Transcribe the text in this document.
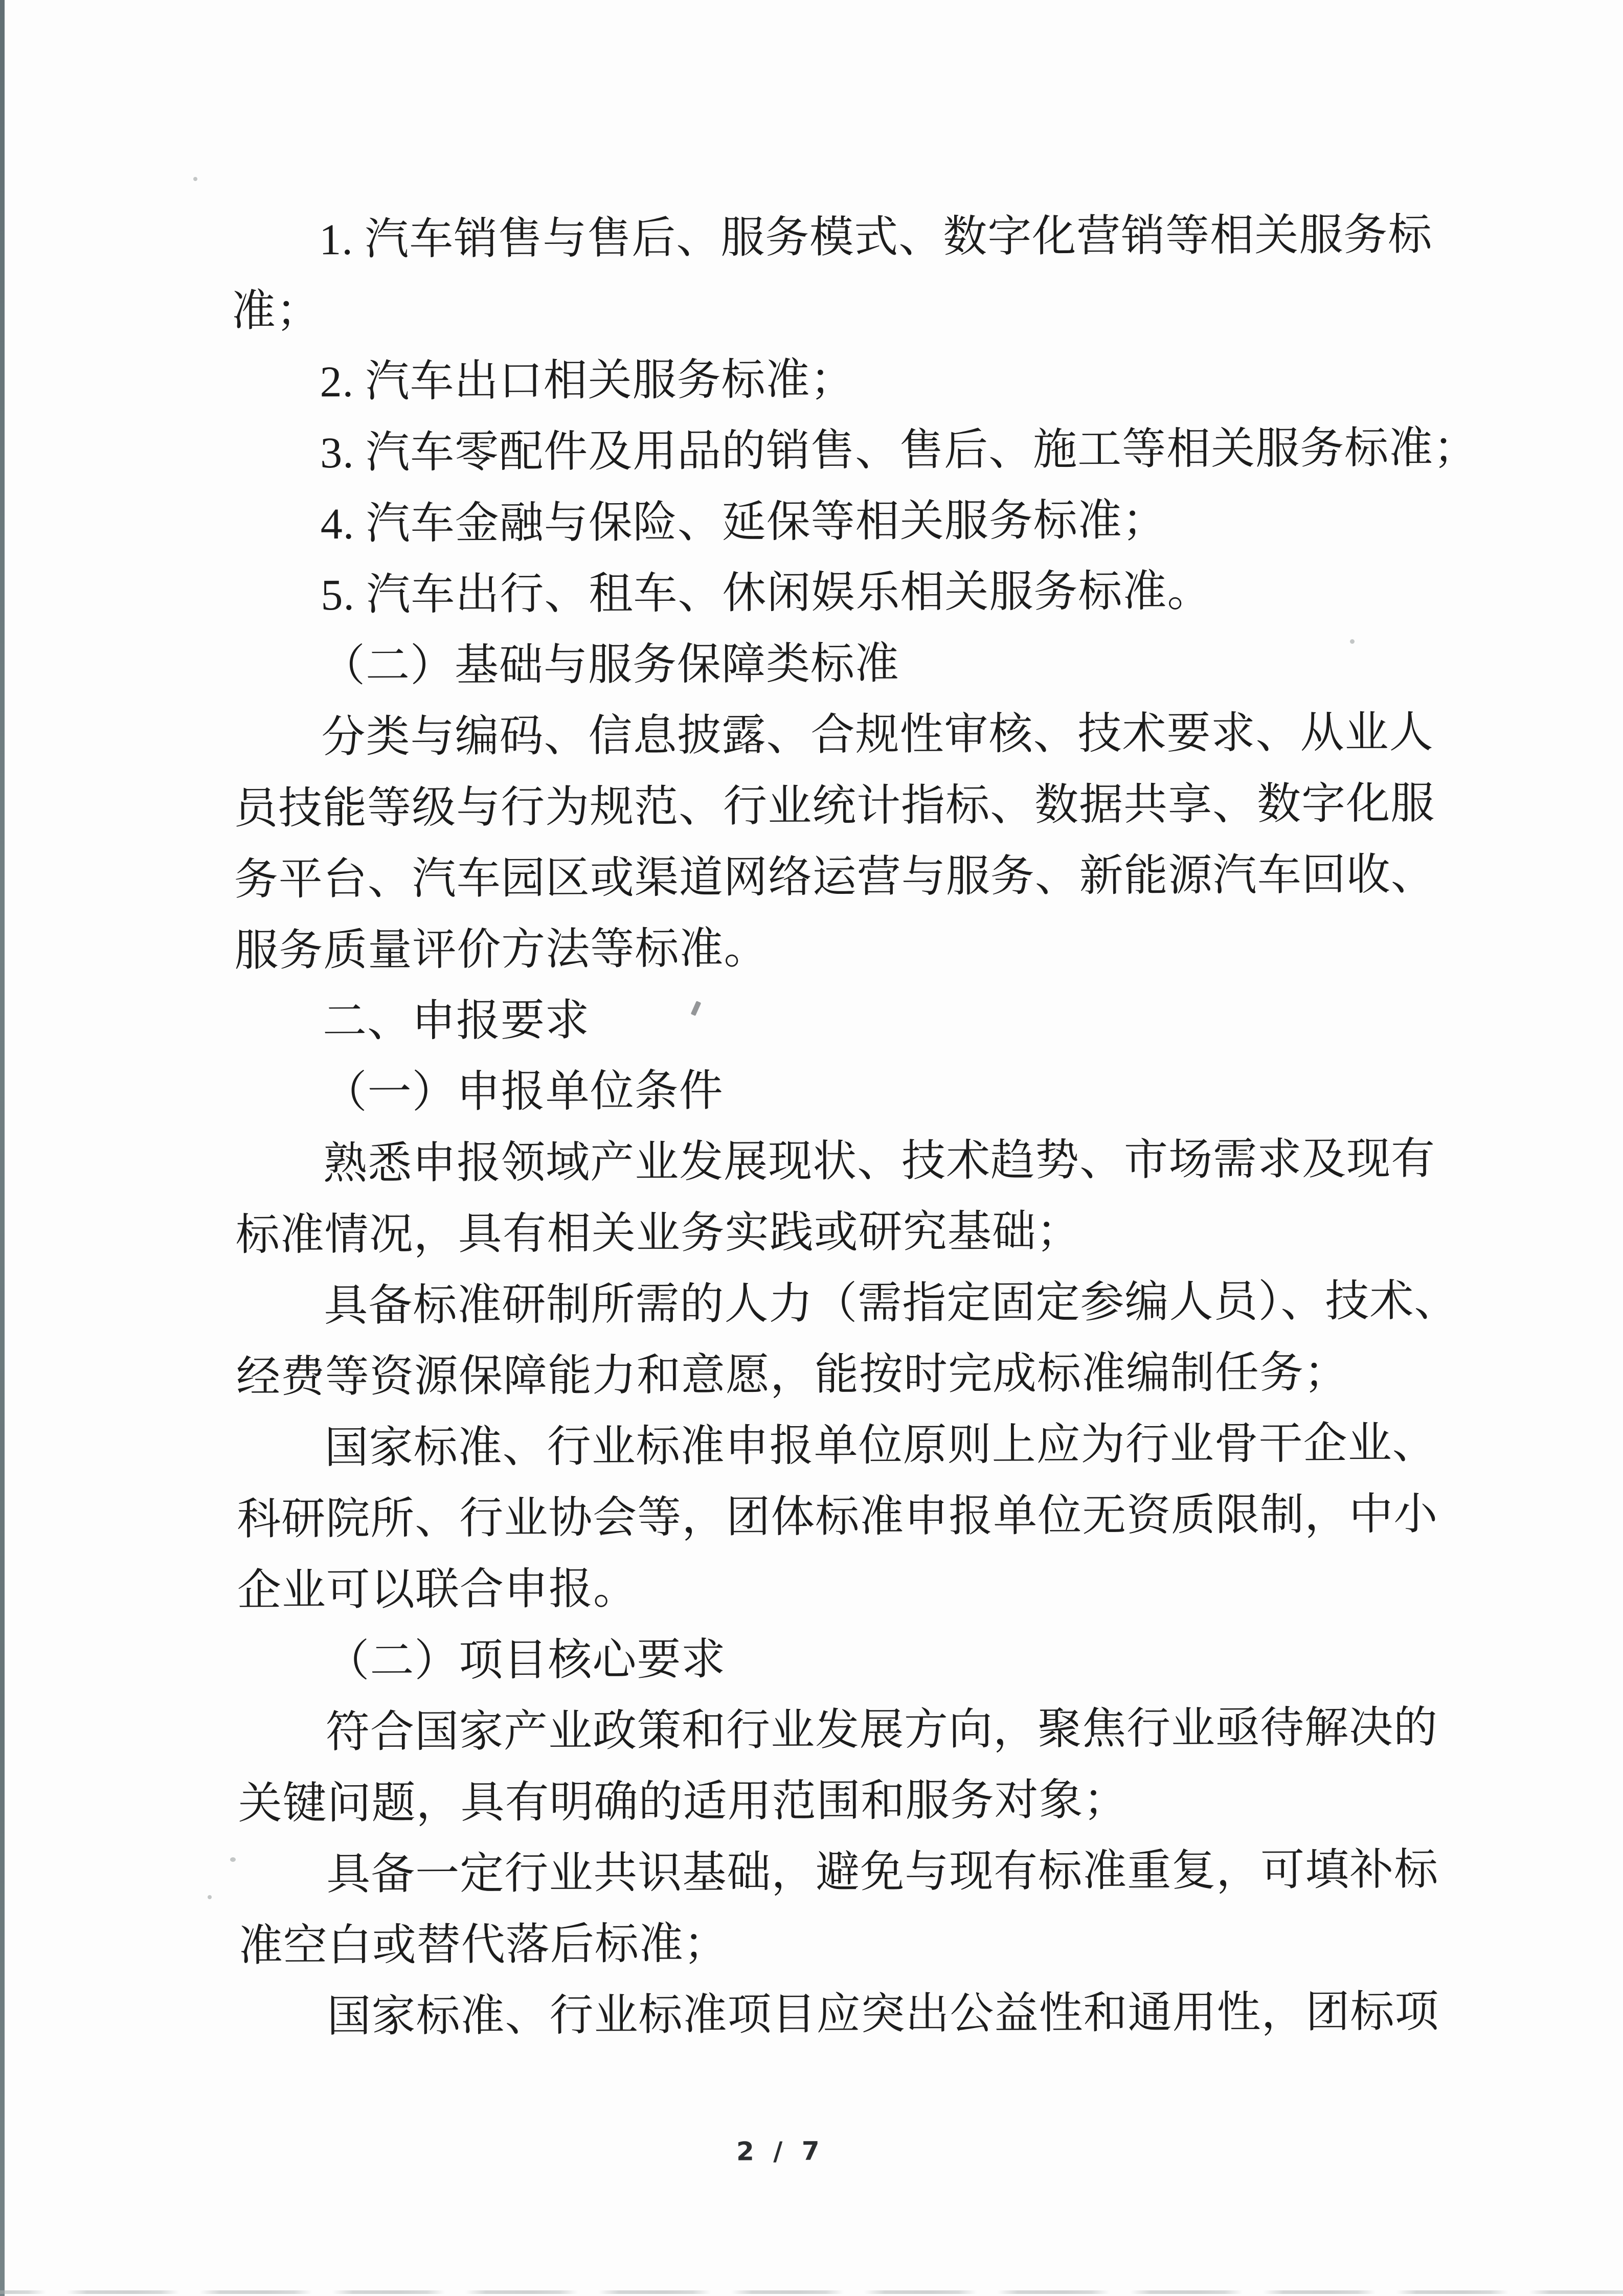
1. 汽车销售与售后、服务模式、数字化营销等相关服务标
准；
2. 汽车出口相关服务标准；
3. 汽车零配件及用品的销售、售后、施工等相关服务标准；
4. 汽车金融与保险、延保等相关服务标准；
5. 汽车出行、租车、休闲娱乐相关服务标准。
（二）基础与服务保障类标准
分类与编码、信息披露、合规性审核、技术要求、从业人
员技能等级与行为规范、行业统计指标、数据共享、数字化服
务平台、汽车园区或渠道网络运营与服务、新能源汽车回收、
服务质量评价方法等标准。
二、申报要求
（一）申报单位条件
熟悉申报领域产业发展现状、技术趋势、市场需求及现有
标准情况，具有相关业务实践或研究基础；
具备标准研制所需的人力（需指定固定参编人员）、技术、
经费等资源保障能力和意愿，能按时完成标准编制任务；
国家标准、行业标准申报单位原则上应为行业骨干企业、
科研院所、行业协会等，团体标准申报单位无资质限制，中小
企业可以联合申报。
（二）项目核心要求
符合国家产业政策和行业发展方向，聚焦行业亟待解决的
关键问题，具有明确的适用范围和服务对象；
具备一定行业共识基础，避免与现有标准重复，可填补标
准空白或替代落后标准；
国家标准、行业标准项目应突出公益性和通用性，团标项
2 / 7
